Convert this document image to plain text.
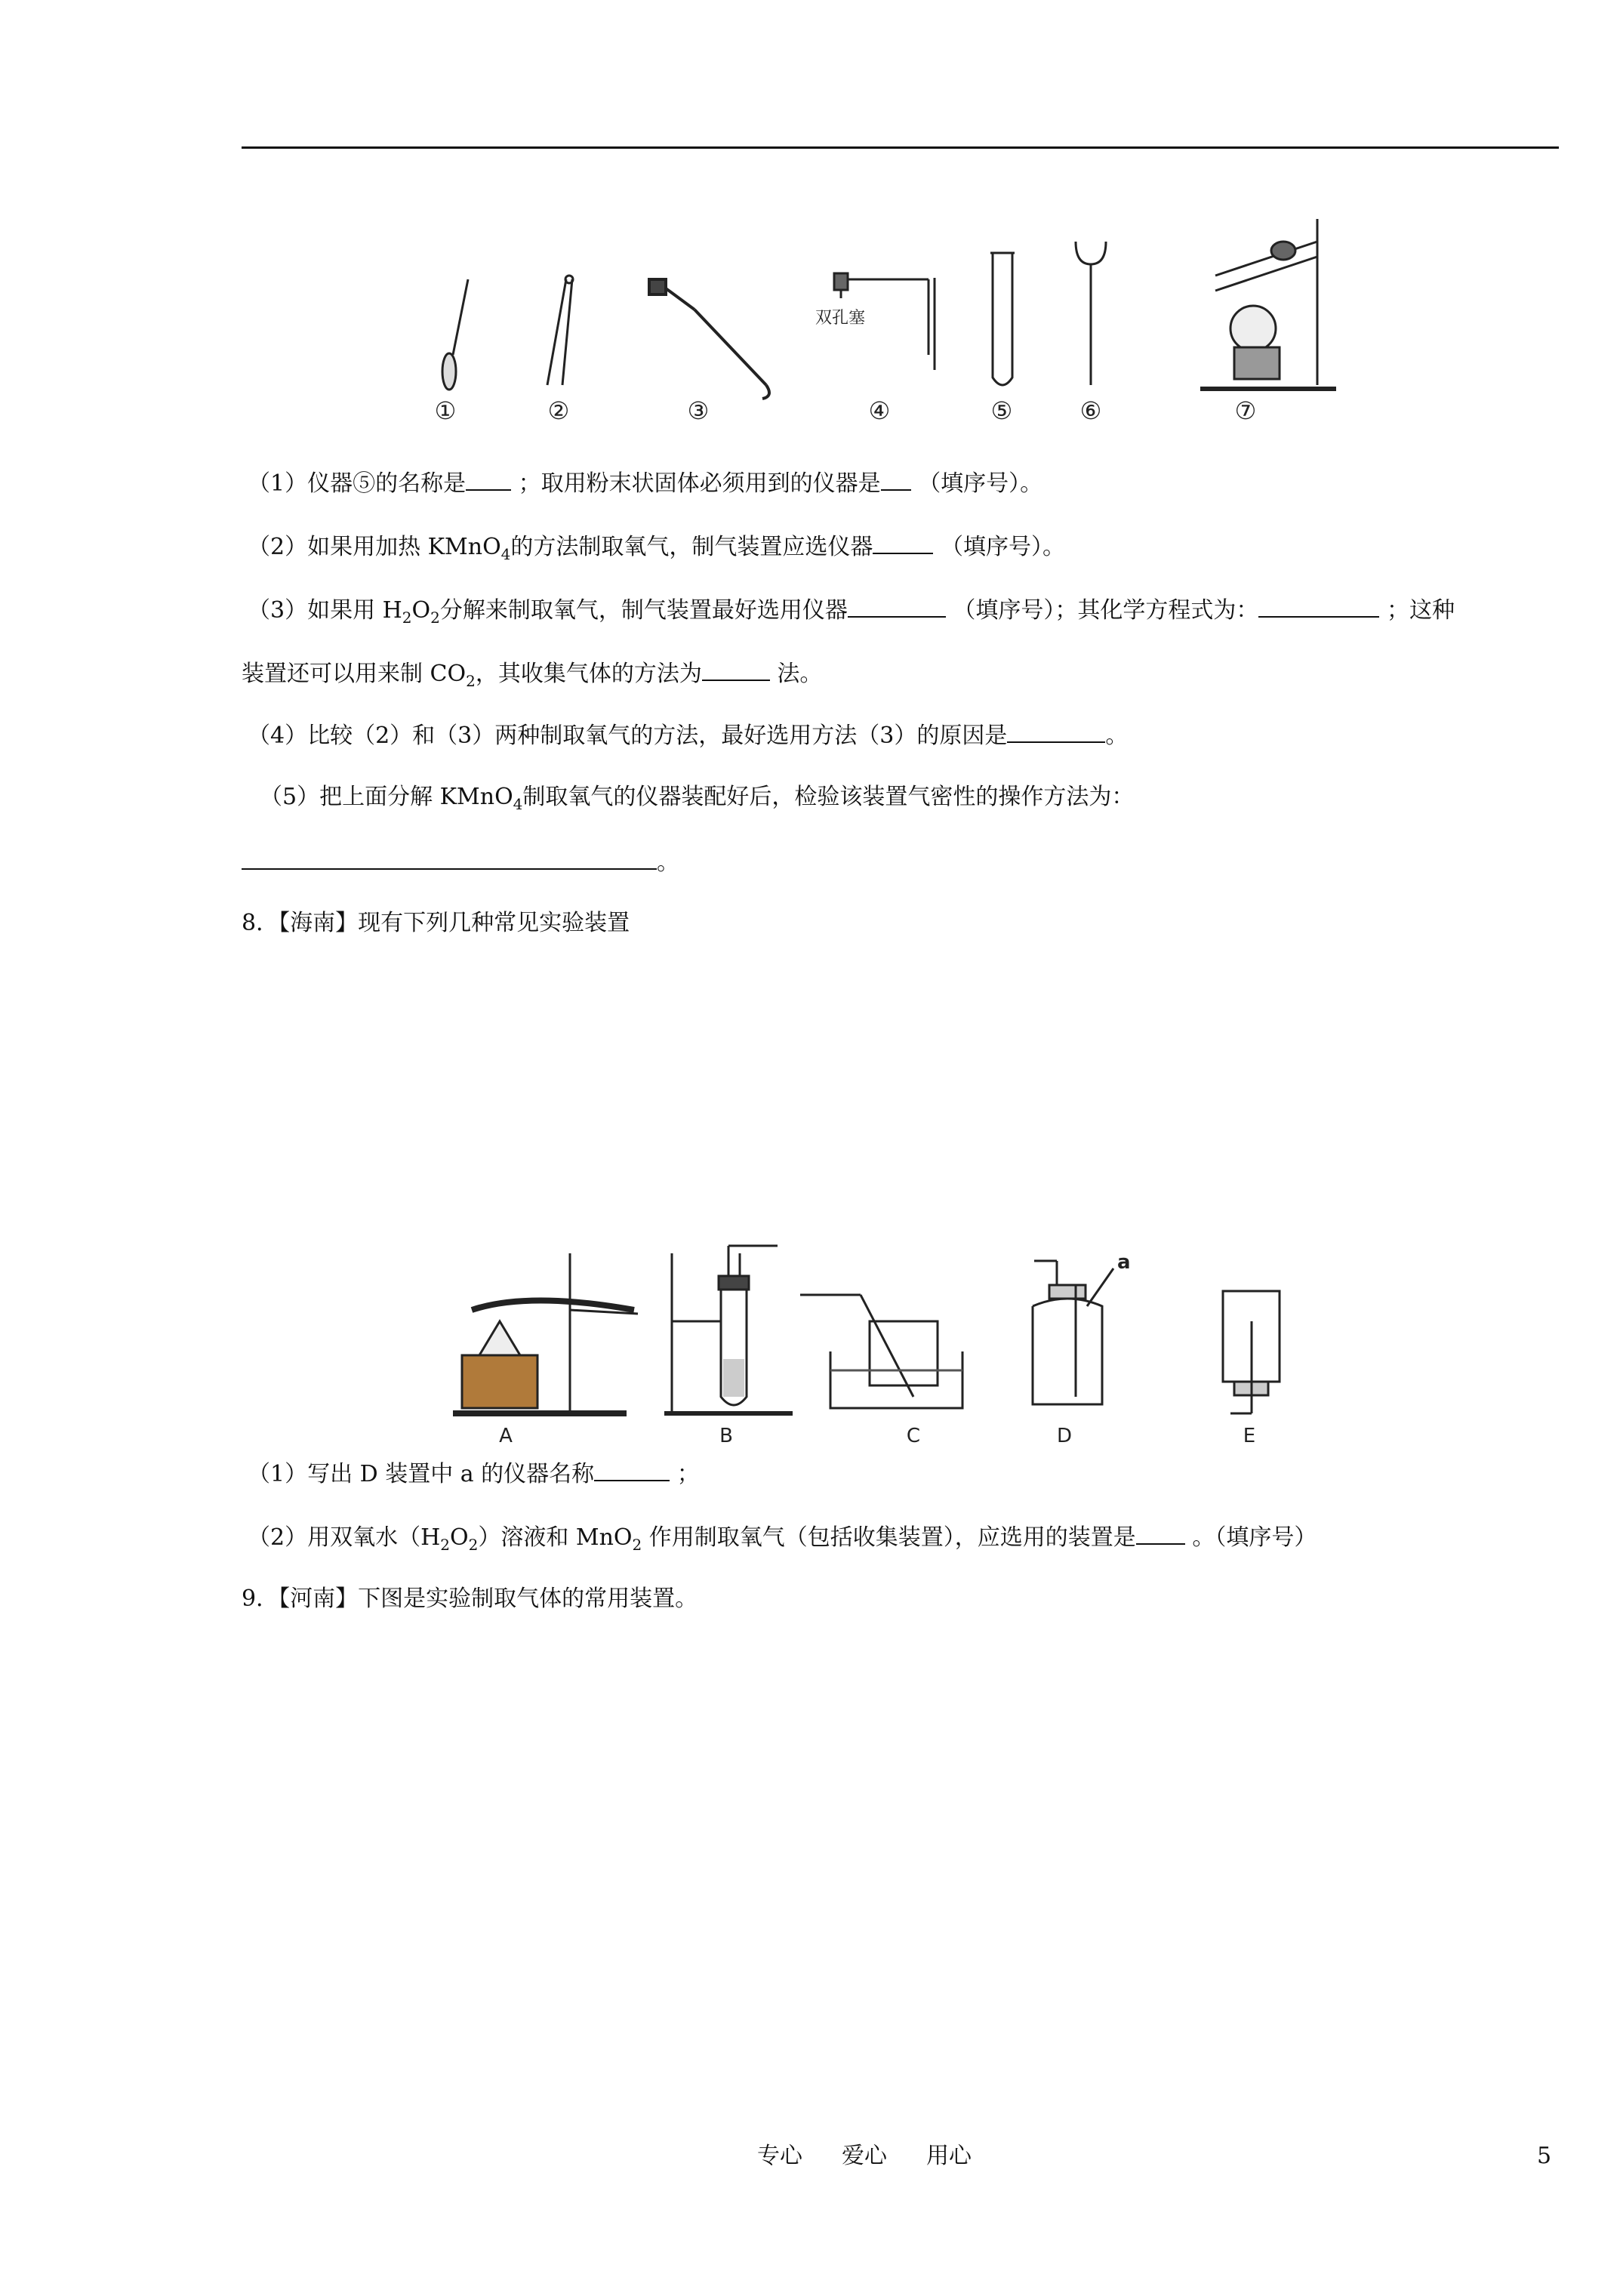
双孔塞
①	②	③	④	⑤	⑥	⑦
（1）仪器⑤的名称是 ；取用粉末状固体必须用到的仪器是 （填序号）。
（2）如果用加热 KMnO$_4$的方法制取氧气，制气装置应选仪器	（填序号）。
（3）如果用 $H_2O_2$分解来制取氧气，制气装置最好选用仪器	（填序号）；其化学方程式为：	；这种
装置还可以用来制 $CO_2$，其收集气体的方法为	法。
（4）比较（2）和（3）两种制取氧气的方法，最好选用方法（3）的原因是	。
（5）把上面分解 KMnO$_4$制取氧气的仪器装配好后，检验该装置气密性的操作方法为：
。
8．【海南】现有下列几种常见实验装置
a
A	B	C	D	E
（1）写出 D 装置中 a 的仪器名称	；
（2）用双氧水$(H_2O_2)$溶液和 MnO$_2$ 作用制取氧气（包括收集装置），应选用的装置是 。（填序号）
9．【河南】下图是实验制取气体的常用装置。
专心 爱心 用心	5
